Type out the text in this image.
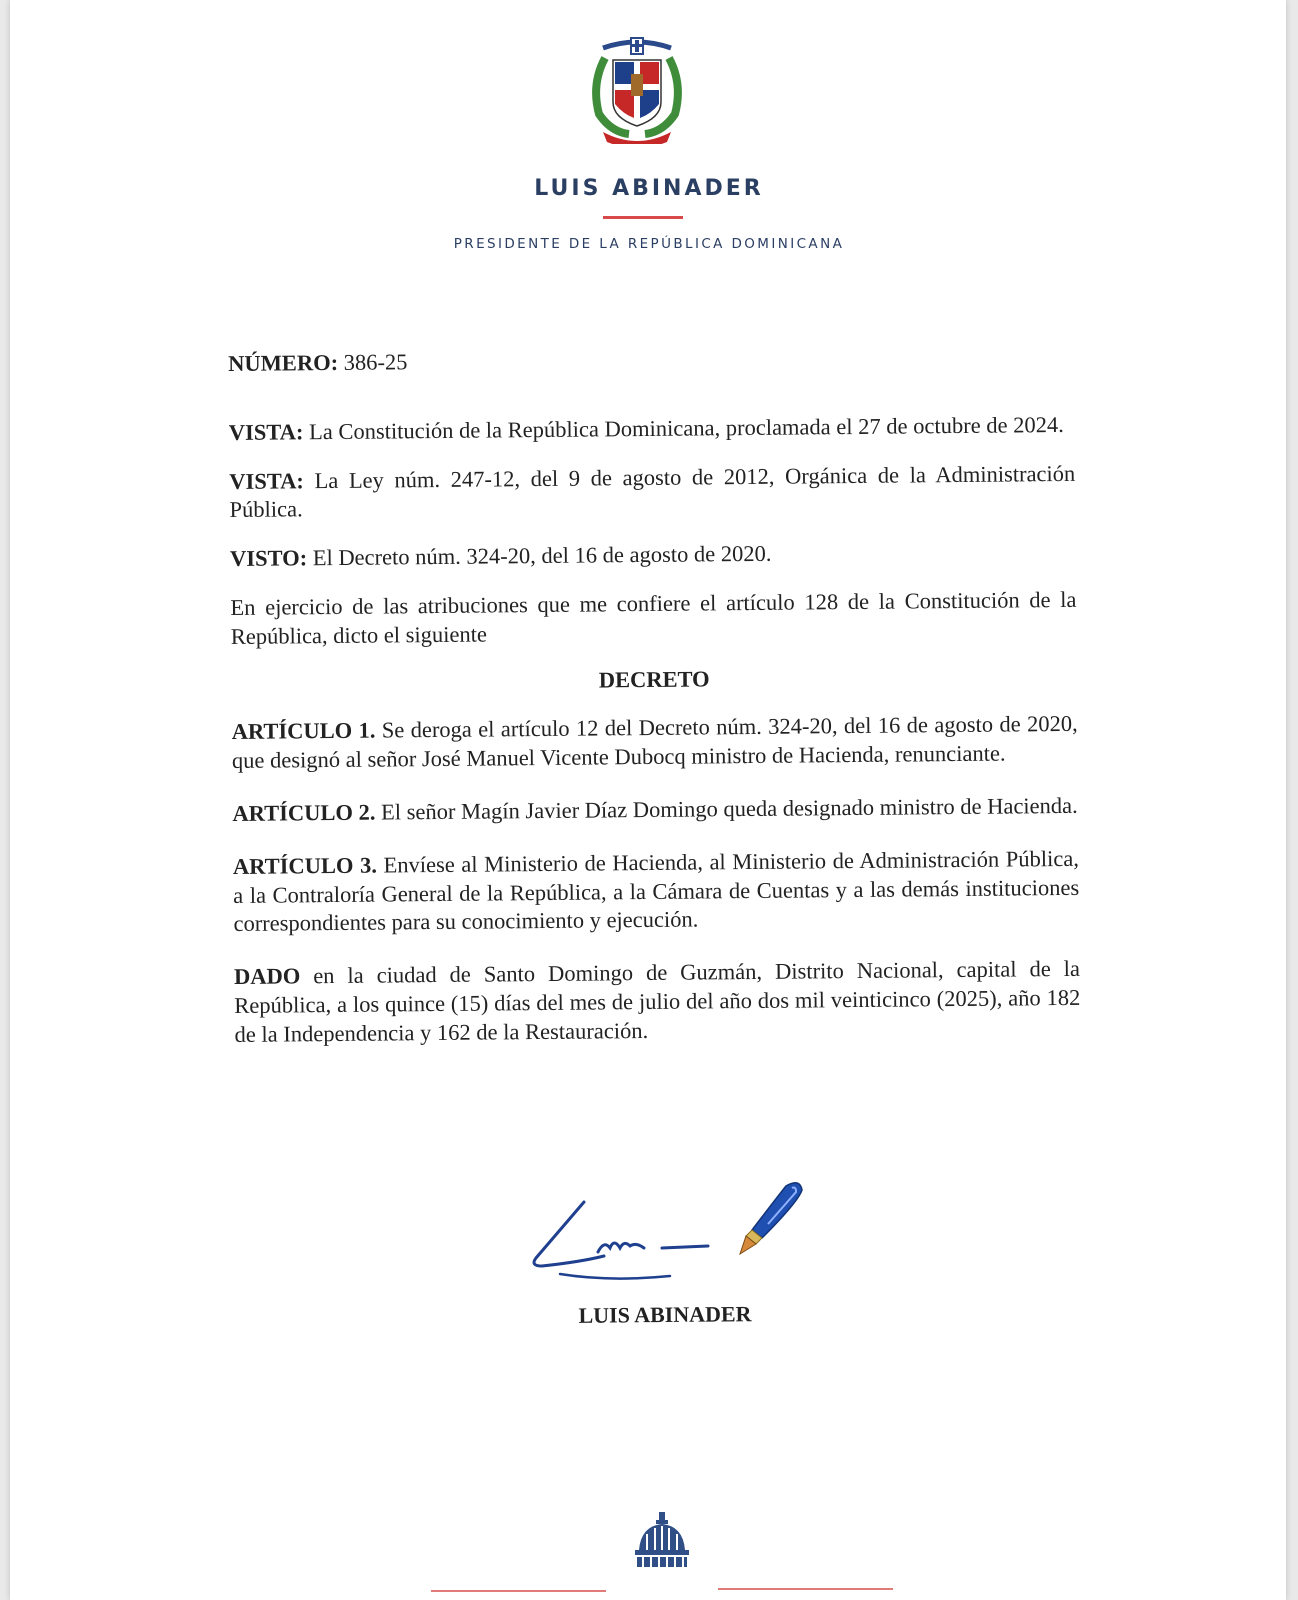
LUIS ABINADER
PRESIDENTE DE LA REPÚBLICA DOMINICANA

NÚMERO: 386-25

VISTA: La Constitución de la República Dominicana, proclamada el 27 de octubre de 2024.

VISTA: La Ley núm. 247-12, del 9 de agosto de 2012, Orgánica de la Administración Pública.

VISTO: El Decreto núm. 324-20, del 16 de agosto de 2020.

En ejercicio de las atribuciones que me confiere el artículo 128 de la Constitución de la República, dicto el siguiente

DECRETO

ARTÍCULO 1. Se deroga el artículo 12 del Decreto núm. 324-20, del 16 de agosto de 2020, que designó al señor José Manuel Vicente Dubocq ministro de Hacienda, renunciante.

ARTÍCULO 2. El señor Magín Javier Díaz Domingo queda designado ministro de Hacienda.

ARTÍCULO 3. Envíese al Ministerio de Hacienda, al Ministerio de Administración Pública, a la Contraloría General de la República, a la Cámara de Cuentas y a las demás instituciones correspondientes para su conocimiento y ejecución.

DADO en la ciudad de Santo Domingo de Guzmán, Distrito Nacional, capital de la República, a los quince (15) días del mes de julio del año dos mil veinticinco (2025), año 182 de la Independencia y 162 de la Restauración.

LUIS ABINADER
